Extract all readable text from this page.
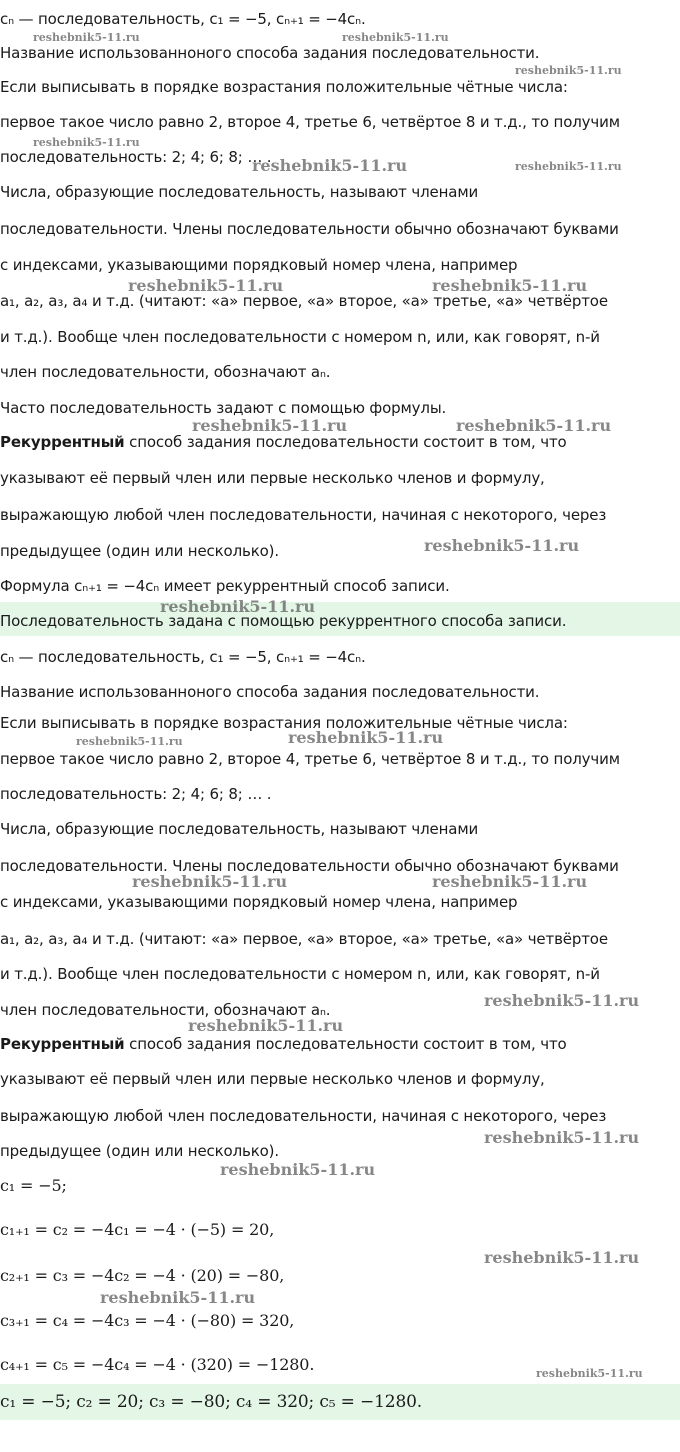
cₙ — последовательность, c₁ = −5, cₙ₊₁ = −4cₙ.
Название использованноного способа задания последовательности.
Если выписывать в порядке возрастания положительные чётные числа:
первое такое число равно 2, второе 4, третье 6, четвёртое 8 и т.д., то получим
последовательность: 2; 4; 6; 8; … .
Числа, образующие последовательность, называют членами
последовательности. Члены последовательности обычно обозначают буквами
с индексами, указывающими порядковый номер члена, например
a₁, a₂, a₃, a₄ и т.д. (читают: «a» первое, «a» второе, «a» третье, «a» четвёртое
и т.д.). Вообще член последовательности с номером n, или, как говорят, n-й
член последовательности, обозначают aₙ.
Часто последовательность задают с помощью формулы.
Рекуррентный способ задания последовательности состоит в том, что
указывают её первый член или первые несколько членов и формулу,
выражающую любой член последовательности, начиная с некоторого, через
предыдущее (один или несколько).
Формула cₙ₊₁ = −4cₙ имеет рекуррентный способ записи.
Последовательность задана с помощью рекуррентного способа записи.
cₙ — последовательность, c₁ = −5, cₙ₊₁ = −4cₙ.
Название использованноного способа задания последовательности.
Если выписывать в порядке возрастания положительные чётные числа:
первое такое число равно 2, второе 4, третье 6, четвёртое 8 и т.д., то получим
последовательность: 2; 4; 6; 8; … .
Числа, образующие последовательность, называют членами
последовательности. Члены последовательности обычно обозначают буквами
с индексами, указывающими порядковый номер члена, например
a₁, a₂, a₃, a₄ и т.д. (читают: «a» первое, «a» второе, «a» третье, «a» четвёртое
и т.д.). Вообще член последовательности с номером n, или, как говорят, n-й
член последовательности, обозначают aₙ.
Рекуррентный способ задания последовательности состоит в том, что
указывают её первый член или первые несколько членов и формулу,
выражающую любой член последовательности, начиная с некоторого, через
предыдущее (один или несколько).
c₁ = −5;
c₁₊₁ = c₂ = −4c₁ = −4 · (−5) = 20,
c₂₊₁ = c₃ = −4c₂ = −4 · (20) = −80,
c₃₊₁ = c₄ = −4c₃ = −4 · (−80) = 320,
c₄₊₁ = c₅ = −4c₄ = −4 · (320) = −1280.
c₁ = −5; c₂ = 20; c₃ = −80; c₄ = 320; c₅ = −1280.
reshebnik5-11.ru	reshebnik5-11.ru
reshebnik5-11.ru
reshebnik5-11.ru
reshebnik5-11.ru	reshebnik5-11.ru
reshebnik5-11.ru	reshebnik5-11.ru
reshebnik5-11.ru	reshebnik5-11.ru
reshebnik5-11.ru
reshebnik5-11.ru
reshebnik5-11.ru	reshebnik5-11.ru
reshebnik5-11.ru	reshebnik5-11.ru
reshebnik5-11.ru
reshebnik5-11.ru
reshebnik5-11.ru
reshebnik5-11.ru
reshebnik5-11.ru
reshebnik5-11.ru
reshebnik5-11.ru
